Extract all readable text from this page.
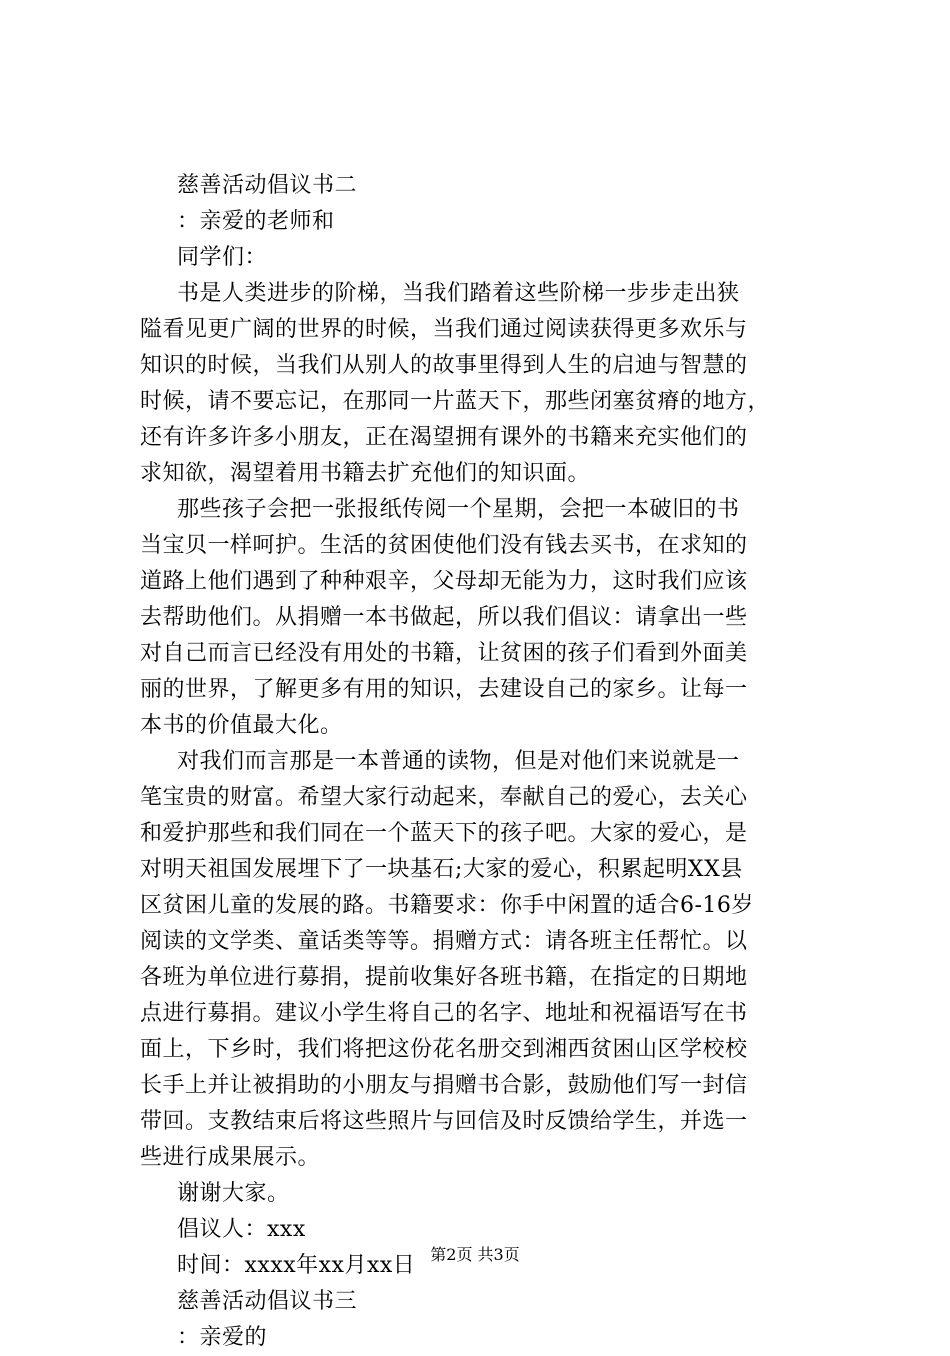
慈善活动倡议书二
：亲爱的老师和
同学们：
书是人类进步的阶梯，当我们踏着这些阶梯一步步走出狭
隘看见更广阔的世界的时候，当我们通过阅读获得更多欢乐与
知识的时候，当我们从别人的故事里得到人生的启迪与智慧的
时候，请不要忘记，在那同一片蓝天下，那些闭塞贫瘠的地方，
还有许多许多小朋友，正在渴望拥有课外的书籍来充实他们的
求知欲，渴望着用书籍去扩充他们的知识面。
那些孩子会把一张报纸传阅一个星期，会把一本破旧的书
当宝贝一样呵护。生活的贫困使他们没有钱去买书，在求知的
道路上他们遇到了种种艰辛，父母却无能为力，这时我们应该
去帮助他们。从捐赠一本书做起，所以我们倡议：请拿出一些
对自己而言已经没有用处的书籍，让贫困的孩子们看到外面美
丽的世界，了解更多有用的知识，去建设自己的家乡。让每一
本书的价值最大化。
对我们而言那是一本普通的读物，但是对他们来说就是一
笔宝贵的财富。希望大家行动起来，奉献自己的爱心，去关心
和爱护那些和我们同在一个蓝天下的孩子吧。大家的爱心，是
对明天祖国发展埋下了一块基石;大家的爱心，积累起明XX县
区贫困儿童的发展的路。书籍要求：你手中闲置的适合6-16岁
阅读的文学类、童话类等等。捐赠方式：请各班主任帮忙。以
各班为单位进行募捐，提前收集好各班书籍，在指定的日期地
点进行募捐。建议小学生将自己的名字、地址和祝福语写在书
面上，下乡时，我们将把这份花名册交到湘西贫困山区学校校
长手上并让被捐助的小朋友与捐赠书合影，鼓励他们写一封信
带回。支教结束后将这些照片与回信及时反馈给学生，并选一
些进行成果展示。
谢谢大家。
倡议人：xxx
时间：xxxx年xx月xx日
慈善活动倡议书三
：亲爱的
第2页 共3页
